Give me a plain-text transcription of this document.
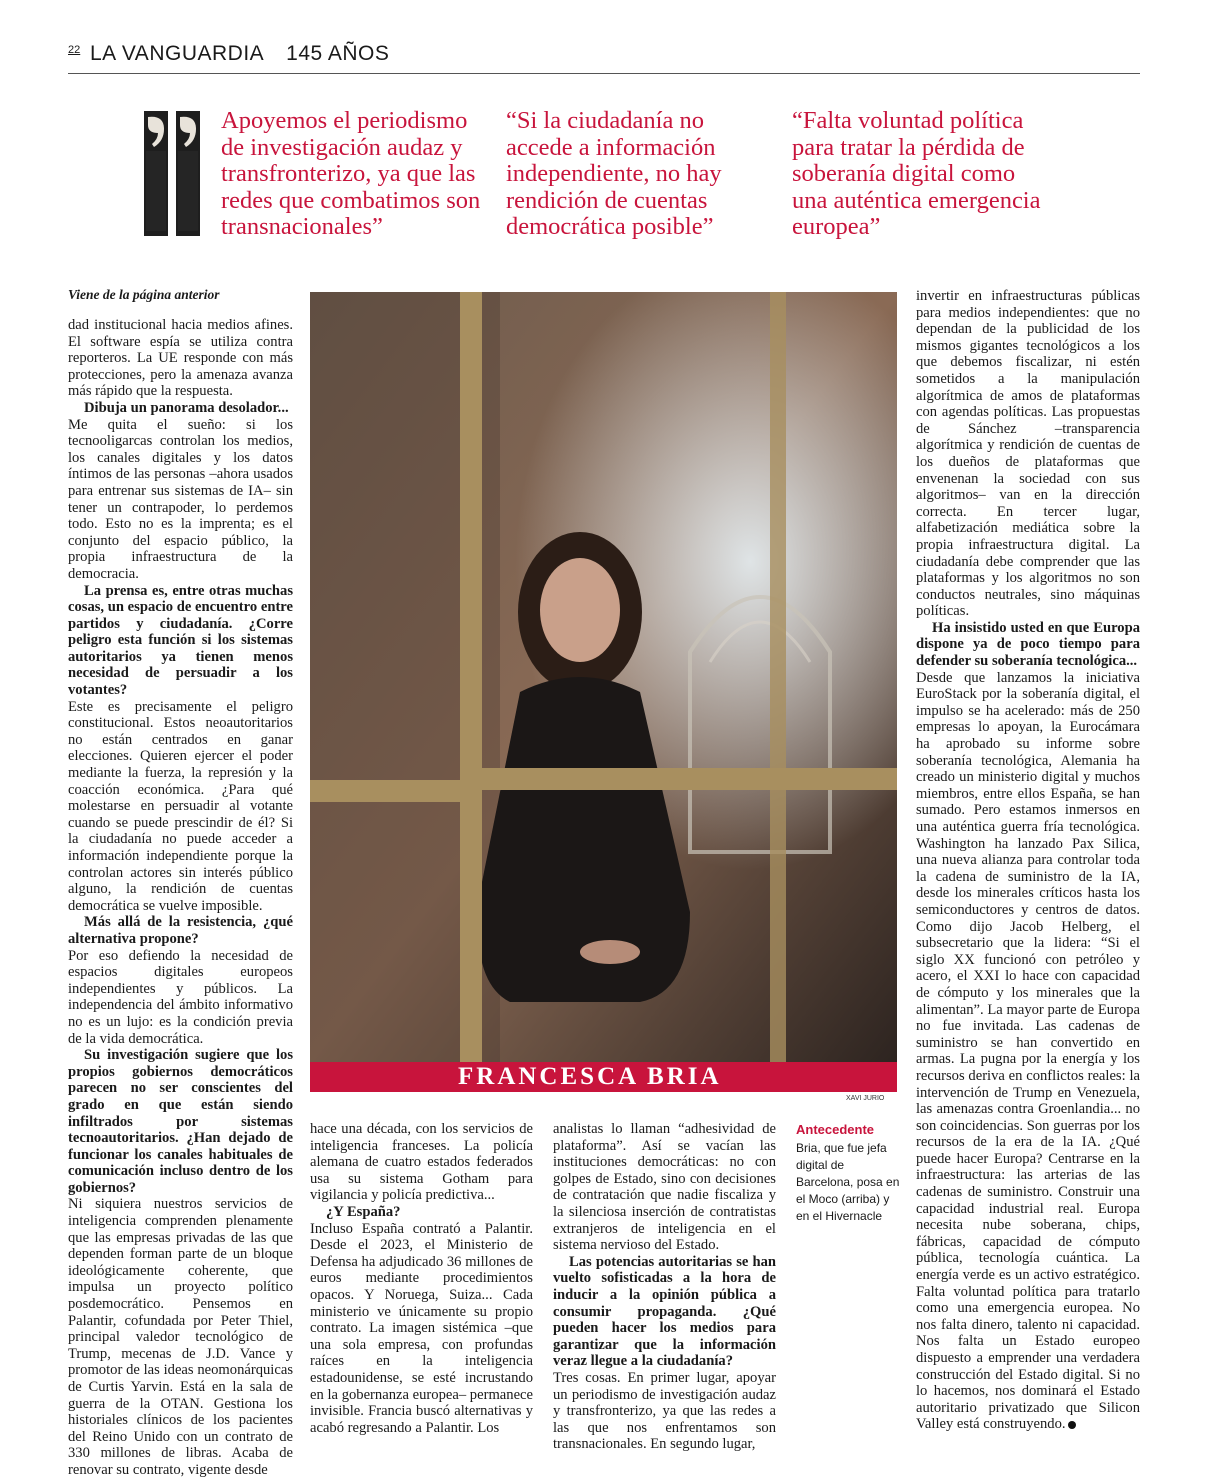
22 LA VANGUARDIA 145 AÑOS
Apoyemos el periodismo de investigación audaz y transfronterizo, ya que las redes que combatimos son transnacionales”
“Si la ciudadanía no accede a información independiente, no hay rendición de cuentas democrática posible”
“Falta voluntad política para tratar la pérdida de soberanía digital como una auténtica emergencia europea”
Viene de la página anterior

dad institucional hacia medios afines. El software espía se utiliza contra reporteros. La UE responde con más protecciones, pero la amenaza avanza más rápido que la respuesta.

Dibuja un panorama desolador...

Me quita el sueño: si los tecnooligarcas controlan los medios, los canales digitales y los datos íntimos de las personas –ahora usados para entrenar sus sistemas de IA– sin tener un contrapoder, lo perdemos todo. Esto no es la imprenta; es el conjunto del espacio público, la propia infraestructura de la democracia.

La prensa es, entre otras muchas cosas, un espacio de encuentro entre partidos y ciudadanía. ¿Corre peligro esta función si los sistemas autoritarios ya tienen menos necesidad de persuadir a los votantes?

Este es precisamente el peligro constitucional. Estos neoautoritarios no están centrados en ganar elecciones. Quieren ejercer el poder mediante la fuerza, la represión y la coacción económica. ¿Para qué molestarse en persuadir al votante cuando se puede prescindir de él? Si la ciudadanía no puede acceder a información independiente porque la controlan actores sin interés público alguno, la rendición de cuentas democrática se vuelve imposible.

Más allá de la resistencia, ¿qué alternativa propone?

Por eso defiendo la necesidad de espacios digitales europeos independientes y públicos. La independencia del ámbito informativo no es un lujo: es la condición previa de la vida democrática.

Su investigación sugiere que los propios gobiernos democráticos parecen no ser conscientes del grado en que están siendo infiltrados por sistemas tecnoautoritarios. ¿Han dejado de funcionar los canales habituales de comunicación incluso dentro de los gobiernos?

Ni siquiera nuestros servicios de inteligencia comprenden plenamente que las empresas privadas de las que dependen forman parte de un bloque ideológicamente coherente, que impulsa un proyecto político posdemocrático. Pensemos en Palantir, cofundada por Peter Thiel, principal valedor tecnológico de Trump, mecenas de J.D. Vance y promotor de las ideas neomonárquicas de Curtis Yarvin. Está en la sala de guerra de la OTAN. Gestiona los historiales clínicos de los pacientes del Reino Unido con un contrato de 330 millones de libras. Acaba de renovar su contrato, vigente desde

FRANCESCA BRIA
XAVI JURIO

hace una década, con los servicios de inteligencia franceses. La policía alemana de cuatro estados federados usa su sistema Gotham para vigilancia y policía predictiva...

¿Y España?

Incluso España contrató a Palantir. Desde el 2023, el Ministerio de Defensa ha adjudicado 36 millones de euros mediante procedimientos opacos. Y Noruega, Suiza... Cada ministerio ve únicamente su propio contrato. La imagen sistémica –que una sola empresa, con profundas raíces en la inteligencia estadounidense, se esté incrustando en la gobernanza europea– permanece invisible. Francia buscó alternativas y acabó regresando a Palantir. Los

analistas lo llaman “adhesividad de plataforma”. Así se vacían las instituciones democráticas: no con golpes de Estado, sino con decisiones de contratación que nadie fiscaliza y la silenciosa inserción de contratistas extranjeros de inteligencia en el sistema nervioso del Estado.

Las potencias autoritarias se han vuelto sofisticadas a la hora de inducir a la opinión pública a consumir propaganda. ¿Qué pueden hacer los medios para garantizar que la información veraz llegue a la ciudadanía?

Tres cosas. En primer lugar, apoyar un periodismo de investigación audaz y transfronterizo, ya que las redes a las que nos enfrentamos son transnacionales. En segundo lugar,

Antecedente
Bria, que fue jefa digital de Barcelona, posa en el Moco (arriba) y en el Hivernacle

invertir en infraestructuras públicas para medios independientes: que no dependan de la publicidad de los mismos gigantes tecnológicos a los que debemos fiscalizar, ni estén sometidos a la manipulación algorítmica de amos de plataformas con agendas políticas. Las propuestas de Sánchez –transparencia algorítmica y rendición de cuentas de los dueños de plataformas que envenenan la sociedad con sus algoritmos– van en la dirección correcta. En tercer lugar, alfabetización mediática sobre la propia infraestructura digital. La ciudadanía debe comprender que las plataformas y los algoritmos no son conductos neutrales, sino máquinas políticas.

Ha insistido usted en que Europa dispone ya de poco tiempo para defender su soberanía tecnológica...

Desde que lanzamos la iniciativa EuroStack por la soberanía digital, el impulso se ha acelerado: más de 250 empresas lo apoyan, la Eurocámara ha aprobado su informe sobre soberanía tecnológica, Alemania ha creado un ministerio digital y muchos miembros, entre ellos España, se han sumado. Pero estamos inmersos en una auténtica guerra fría tecnológica. Washington ha lanzado Pax Silica, una nueva alianza para controlar toda la cadena de suministro de la IA, desde los minerales críticos hasta los semiconductores y centros de datos. Como dijo Jacob Helberg, el subsecretario que la lidera: “Si el siglo XX funcionó con petróleo y acero, el XXI lo hace con capacidad de cómputo y los minerales que la alimentan”. La mayor parte de Europa no fue invitada. Las cadenas de suministro se han convertido en armas. La pugna por la energía y los recursos deriva en conflictos reales: la intervención de Trump en Venezuela, las amenazas contra Groenlandia... no son coincidencias. Son guerras por los recursos de la era de la IA. ¿Qué puede hacer Europa? Centrarse en la infraestructura: las arterias de las cadenas de suministro. Construir una capacidad industrial real. Europa necesita nube soberana, chips, fábricas, capacidad de cómputo pública, tecnología cuántica. La energía verde es un activo estratégico. Falta voluntad política para tratarlo como una emergencia europea. No nos falta dinero, talento ni capacidad. Nos falta un Estado europeo dispuesto a emprender una verdadera construcción del Estado digital. Si no lo hacemos, nos dominará el Estado autoritario privatizado que Silicon Valley está construyendo.
